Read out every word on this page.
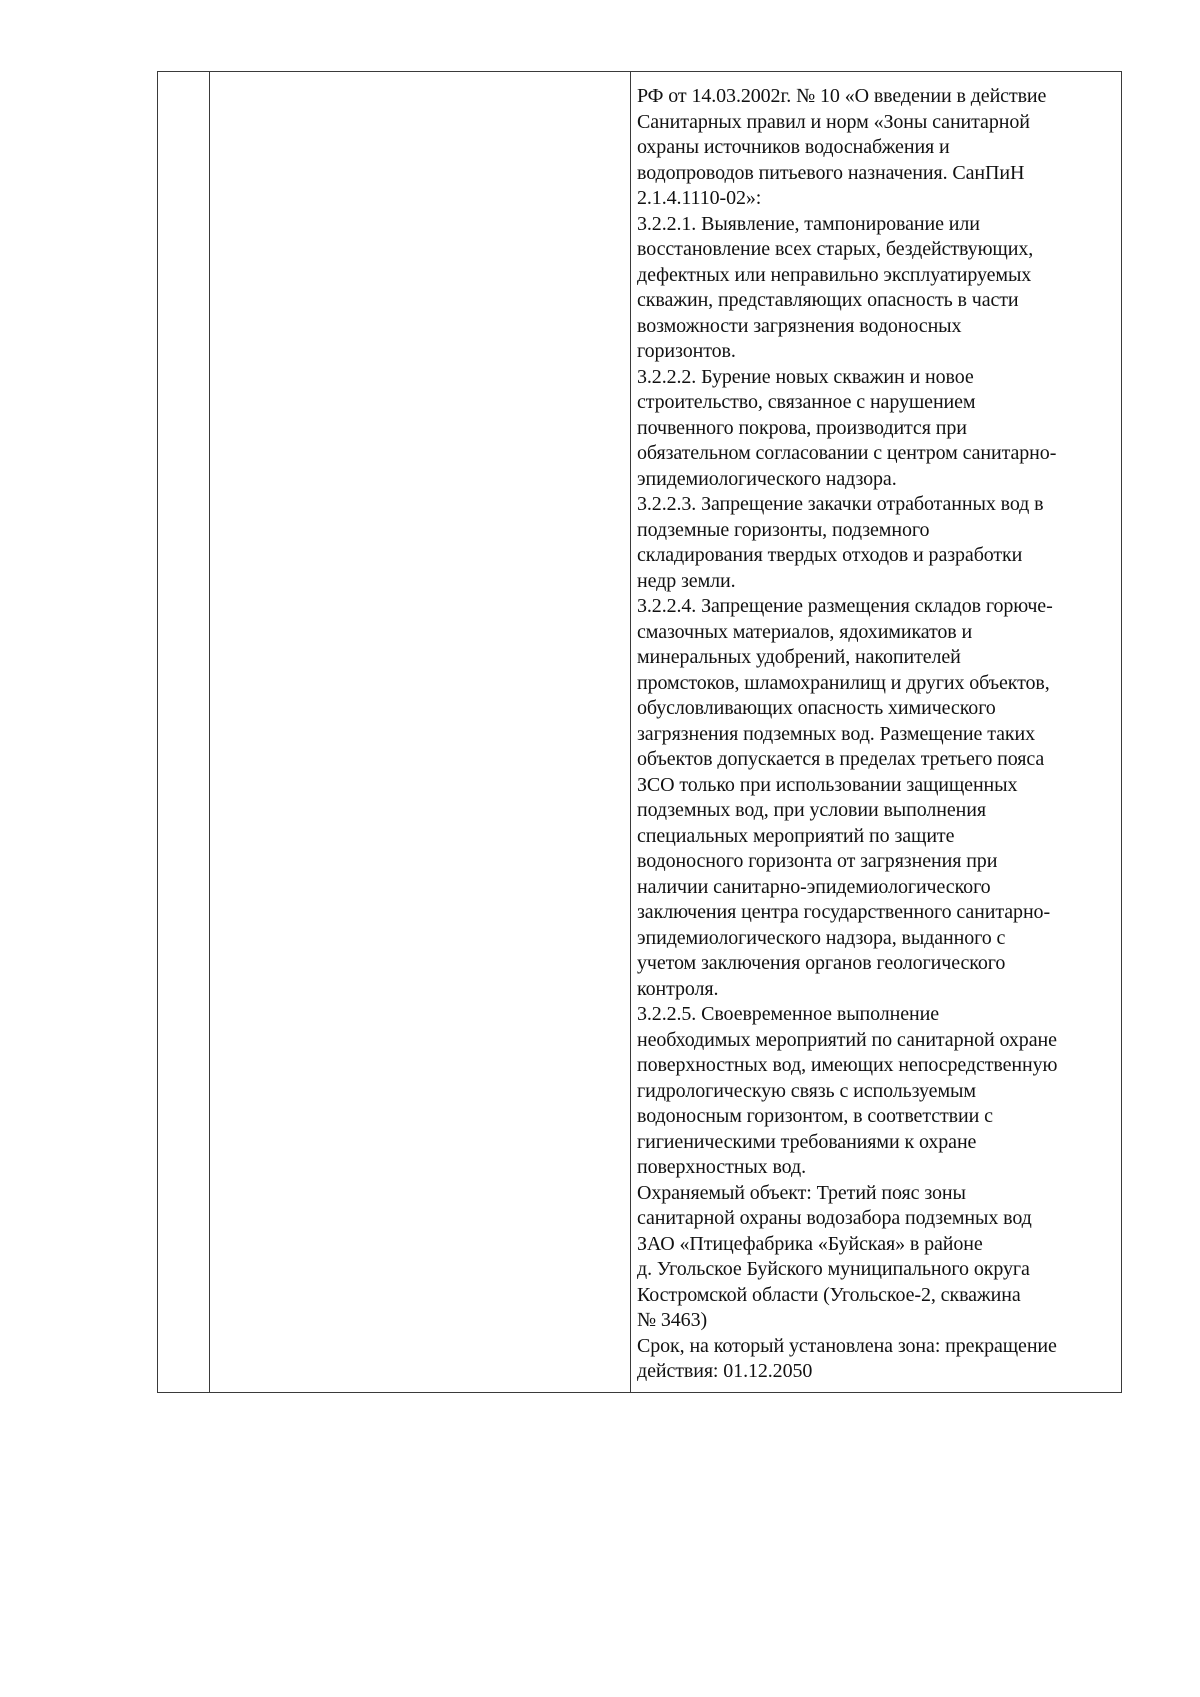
РФ от 14.03.2002г. № 10 «О введении в действие
Санитарных правил и норм «Зоны санитарной
охраны источников водоснабжения и
водопроводов питьевого назначения. СанПиН
2.1.4.1110-02»:
3.2.2.1. Выявление, тампонирование или
восстановление всех старых, бездействующих,
дефектных или неправильно эксплуатируемых
скважин, представляющих опасность в части
возможности загрязнения водоносных
горизонтов.
3.2.2.2. Бурение новых скважин и новое
строительство, связанное с нарушением
почвенного покрова, производится при
обязательном согласовании с центром санитарно-
эпидемиологического надзора.
3.2.2.3. Запрещение закачки отработанных вод в
подземные горизонты, подземного
складирования твердых отходов и разработки
недр земли.
3.2.2.4. Запрещение размещения складов горюче-
смазочных материалов, ядохимикатов и
минеральных удобрений, накопителей
промстоков, шламохранилищ и других объектов,
обусловливающих опасность химического
загрязнения подземных вод. Размещение таких
объектов допускается в пределах третьего пояса
ЗСО только при использовании защищенных
подземных вод, при условии выполнения
специальных мероприятий по защите
водоносного горизонта от загрязнения при
наличии санитарно-эпидемиологического
заключения центра государственного санитарно-
эпидемиологического надзора, выданного с
учетом заключения органов геологического
контроля.
3.2.2.5. Своевременное выполнение
необходимых мероприятий по санитарной охране
поверхностных вод, имеющих непосредственную
гидрологическую связь с используемым
водоносным горизонтом, в соответствии с
гигиеническими требованиями к охране
поверхностных вод.
Охраняемый объект: Третий пояс зоны
санитарной охраны водозабора подземных вод
ЗАО «Птицефабрика «Буйская» в районе
д. Угольское Буйского муниципального округа
Костромской области (Угольское-2, скважина
№ 3463)
Срок, на который установлена зона: прекращение
действия: 01.12.2050
